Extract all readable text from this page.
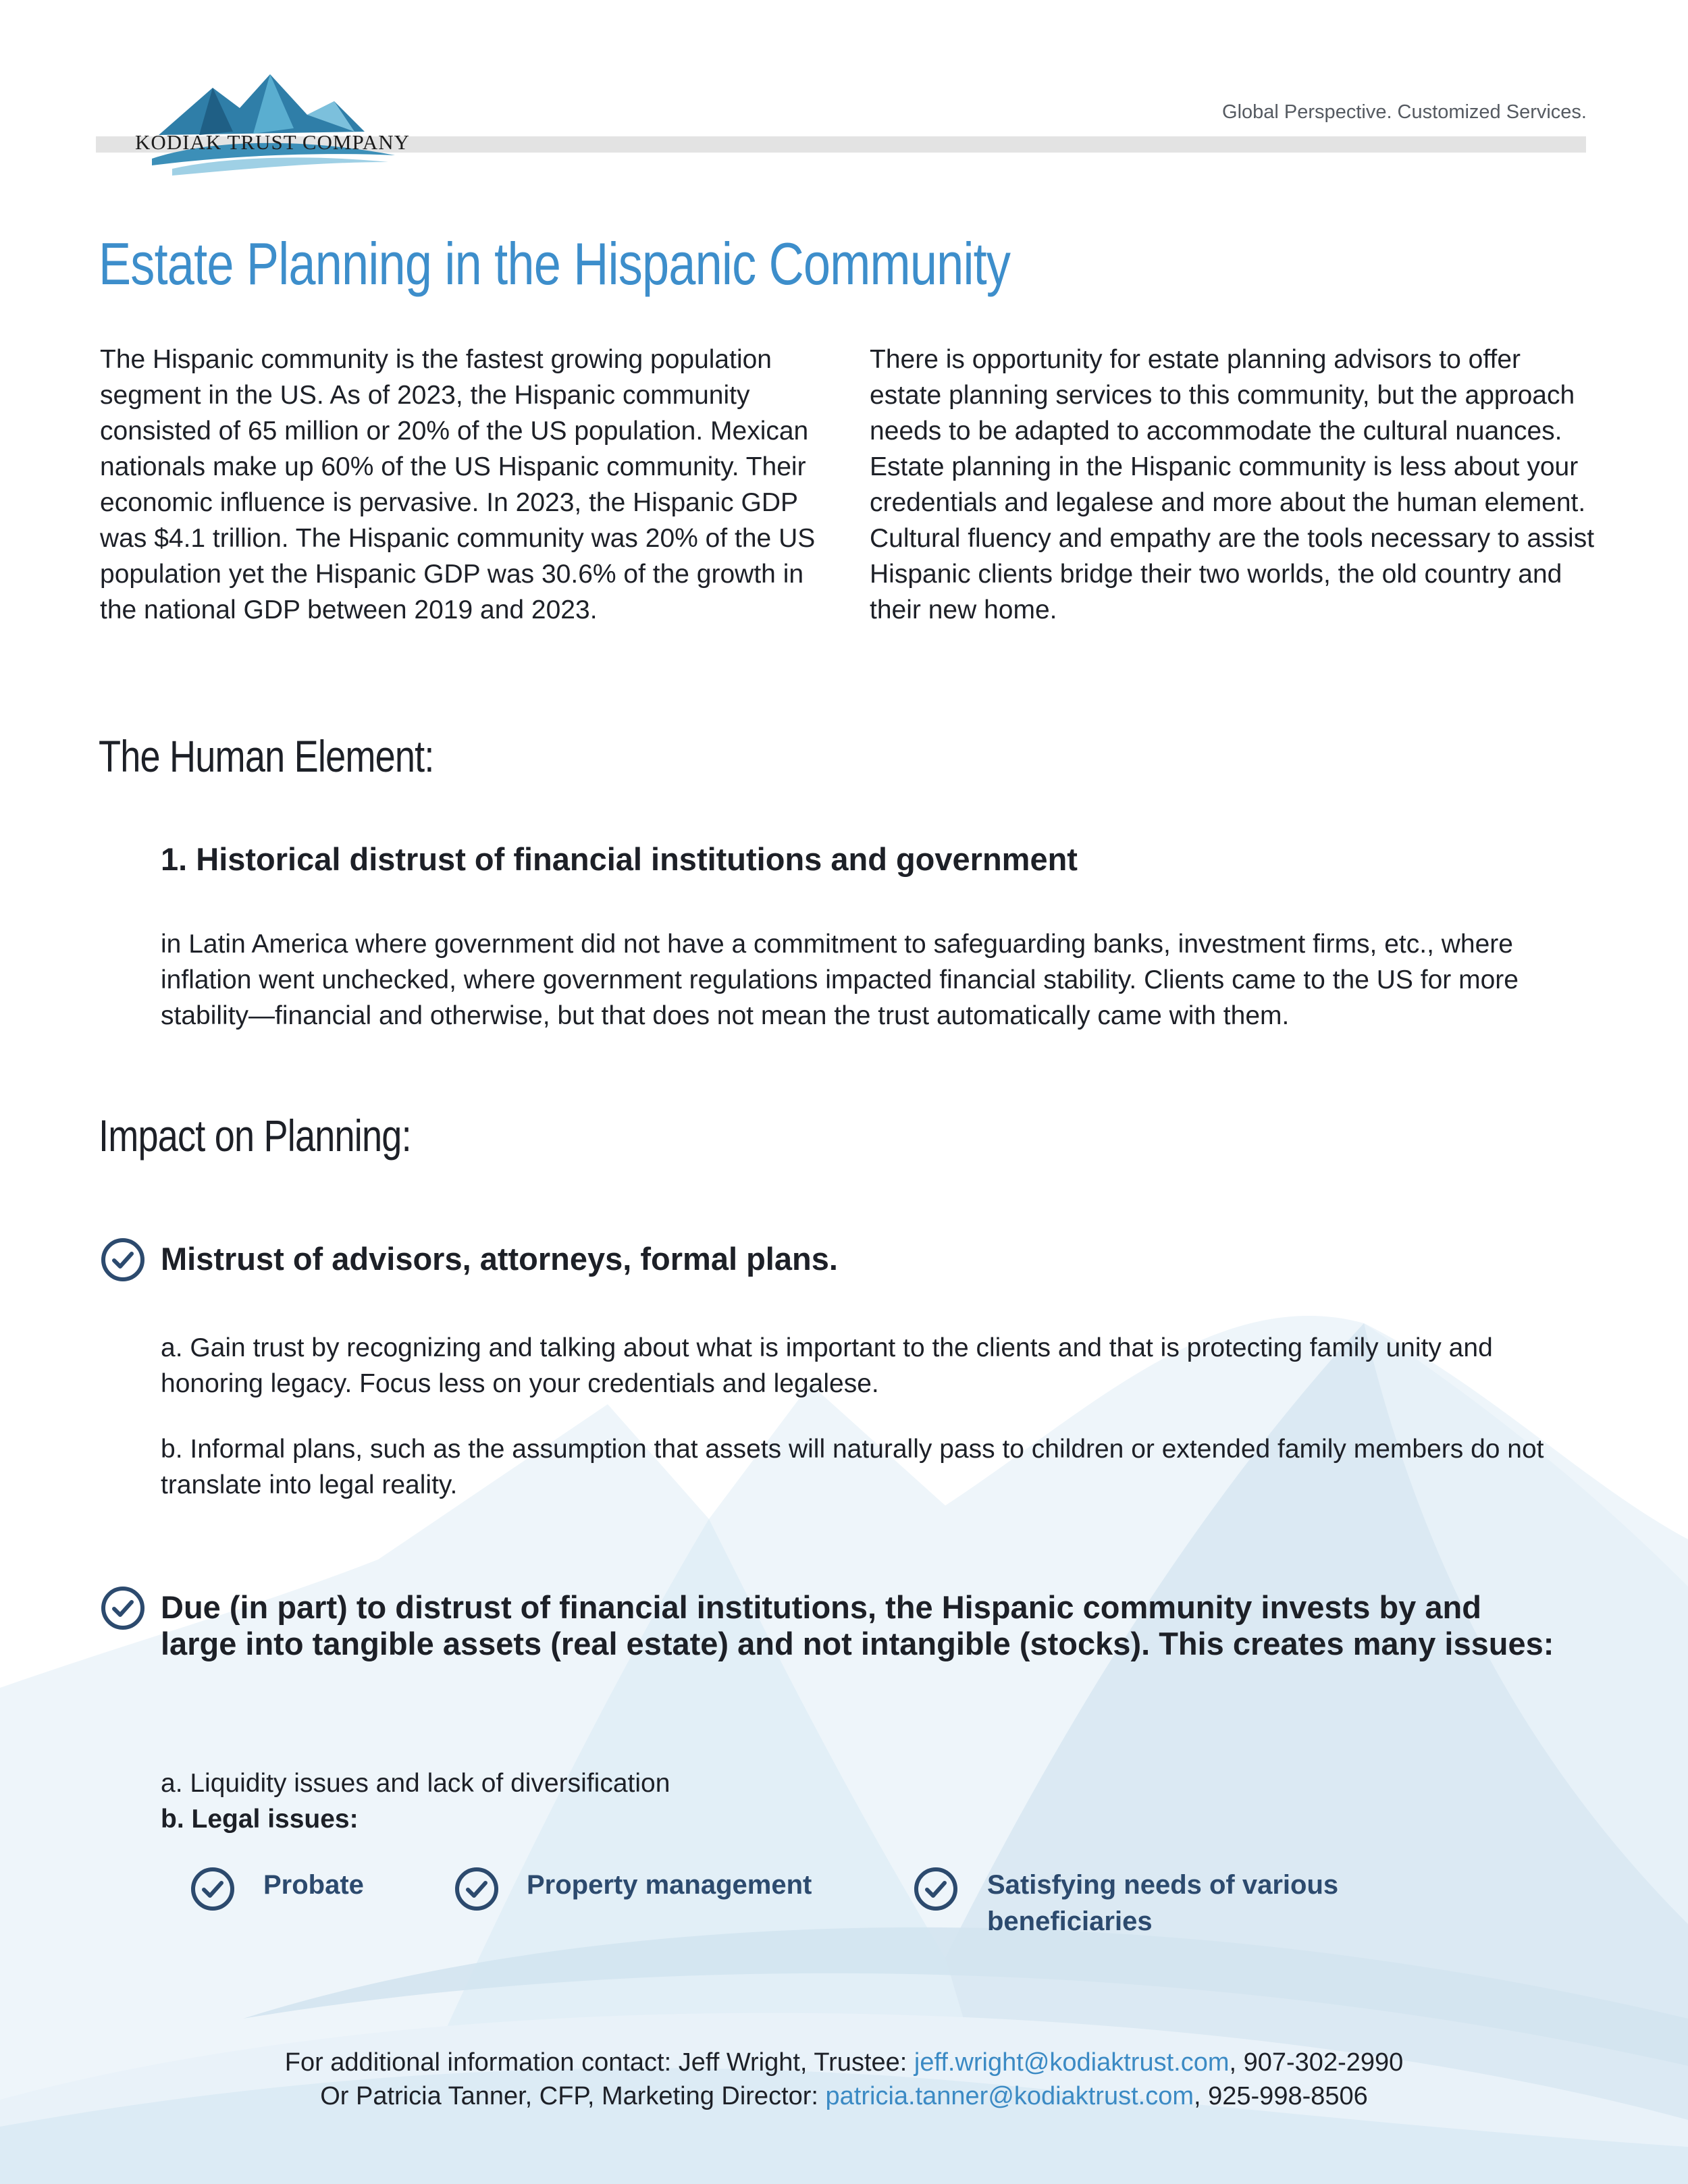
KODIAK TRUST COMPANY
Global Perspective. Customized Services.
Estate Planning in the Hispanic Community

The Hispanic community is the fastest growing population segment in the US. As of 2023, the Hispanic community consisted of 65 million or 20% of the US population. Mexican nationals make up 60% of the US Hispanic community. Their economic influence is pervasive. In 2023, the Hispanic GDP was $4.1 trillion. The Hispanic community was 20% of the US population yet the Hispanic GDP was 30.6% of the growth in the national GDP between 2019 and 2023.

There is opportunity for estate planning advisors to offer estate planning services to this community, but the approach needs to be adapted to accommodate the cultural nuances. Estate planning in the Hispanic community is less about your credentials and legalese and more about the human element. Cultural fluency and empathy are the tools necessary to assist Hispanic clients bridge their two worlds, the old country and their new home.

The Human Element:
1. Historical distrust of financial institutions and government

in Latin America where government did not have a commitment to safeguarding banks, investment firms, etc., where inflation went unchecked, where government regulations impacted financial stability. Clients came to the US for more stability—financial and otherwise, but that does not mean the trust automatically came with them.

Impact on Planning:
Mistrust of advisors, attorneys, formal plans.

a. Gain trust by recognizing and talking about what is important to the clients and that is protecting family unity and honoring legacy. Focus less on your credentials and legalese.

b. Informal plans, such as the assumption that assets will naturally pass to children or extended family members do not translate into legal reality.

Due (in part) to distrust of financial institutions, the Hispanic community invests by and large into tangible assets (real estate) and not intangible (stocks). This creates many issues:

a. Liquidity issues and lack of diversification

b. Legal issues:

Probate	Property management	Satisfying needs of various beneficiaries

For additional information contact: Jeff Wright, Trustee: jeff.wright@kodiaktrust.com, 907-302-2990
Or Patricia Tanner, CFP, Marketing Director: patricia.tanner@kodiaktrust.com, 925-998-8506
